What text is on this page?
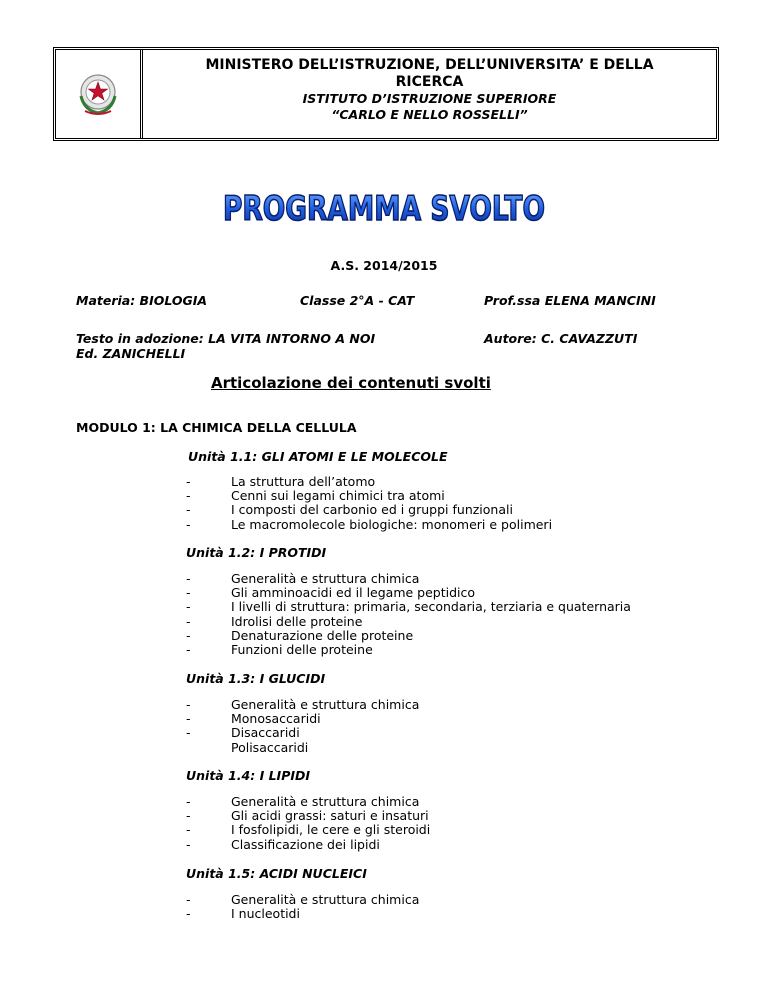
MINISTERO DELL’ISTRUZIONE, DELL’UNIVERSITA’ E DELLA
RICERCA
ISTITUTO D’ISTRUZIONE SUPERIORE
“CARLO E NELLO ROSSELLI”
PROGRAMMA SVOLTO
A.S. 2014/2015
Materia: BIOLOGIA	Classe 2°A - CAT	Prof.ssa ELENA MANCINI
Testo in adozione: LA VITA INTORNO A NOI	Autore: C. CAVAZZUTI
Ed. ZANICHELLI
Articolazione dei contenuti svolti
MODULO 1: LA CHIMICA DELLA CELLULA
Unità 1.1: GLI ATOMI E LE MOLECOLE
- La struttura dell’atomo
- Cenni sui legami chimici tra atomi
- I composti del carbonio ed i gruppi funzionali
- Le macromolecole biologiche: monomeri e polimeri
Unità 1.2: I PROTIDI
- Generalità e struttura chimica
- Gli amminoacidi ed il legame peptidico
- I livelli di struttura: primaria, secondaria, terziaria e quaternaria
- Idrolisi delle proteine
- Denaturazione delle proteine
- Funzioni delle proteine
Unità 1.3: I GLUCIDI
- Generalità e struttura chimica
- Monosaccaridi
- Disaccaridi
Polisaccaridi
Unità 1.4: I LIPIDI
- Generalità e struttura chimica
- Gli acidi grassi: saturi e insaturi
- I fosfolipidi, le cere e gli steroidi
- Classificazione dei lipidi
Unità 1.5: ACIDI NUCLEICI
- Generalità e struttura chimica
- I nucleotidi
